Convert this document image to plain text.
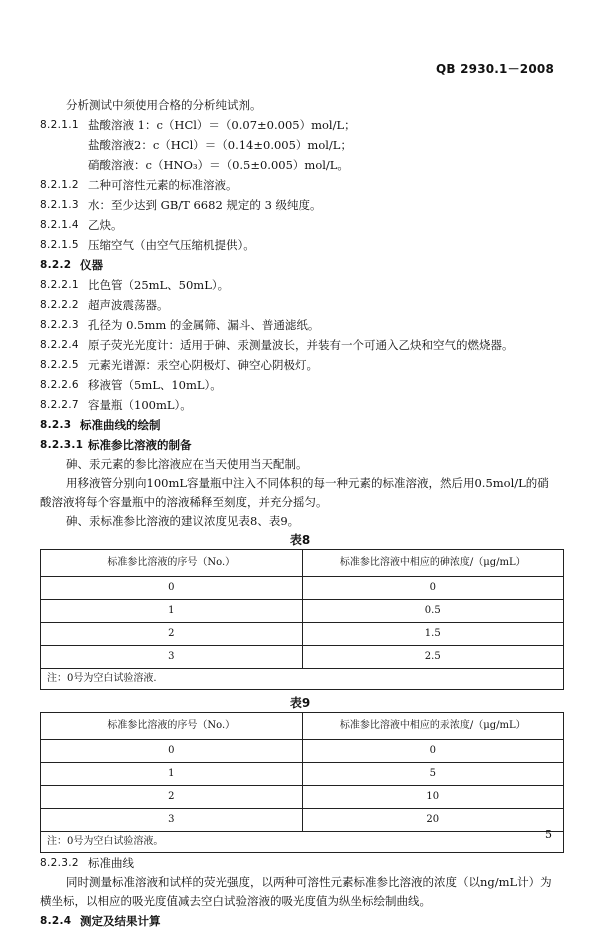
QB 2930.1－2008
分析测试中须使用合格的分析纯试剂。
8.2.1.1 盐酸溶液 1：c（HCl）＝（0.07±0.005）mol/L；
盐酸溶液2：c（HCl）＝（0.14±0.005）mol/L；
硝酸溶液：c（HNO₃）＝（0.5±0.005）mol/L。
8.2.1.2 二种可溶性元素的标准溶液。
8.2.1.3 水：至少达到 GB/T 6682 规定的 3 级纯度。
8.2.1.4 乙炔。
8.2.1.5 压缩空气（由空气压缩机提供）。
8.2.2 仪器
8.2.2.1 比色管（25mL、50mL）。
8.2.2.2 超声波震荡器。
8.2.2.3 孔径为 0.5mm 的金属筛、漏斗、普通滤纸。
8.2.2.4 原子荧光光度计：适用于砷、汞测量波长，并装有一个可通入乙炔和空气的燃烧器。
8.2.2.5 元素光谱源：汞空心阴极灯、砷空心阴极灯。
8.2.2.6 移液管（5mL、10mL）。
8.2.2.7 容量瓶（100mL）。
8.2.3 标准曲线的绘制
8.2.3.1 标准参比溶液的制备

砷、汞元素的参比溶液应在当天使用当天配制。

用移液管分别向100mL容量瓶中注入不同体积的每一种元素的标准溶液，然后用0.5mol/L的硝酸溶液将每个容量瓶中的溶液稀释至刻度，并充分摇匀。

砷、汞标准参比溶液的建议浓度见表8、表9。

表8
标准参比溶液的序号（No.）	标准参比溶液中相应的砷浓度/（μg/mL）
0	0
1	0.5
2	1.5
3	2.5
注：0号为空白试验溶液.	
表9
标准参比溶液的序号（No.）	标准参比溶液中相应的汞浓度/（μg/mL）
0	0
1	5
2	10
3	20
注：0号为空白试验溶液。	
8.2.3.2 标准曲线

同时测量标准溶液和试样的荧光强度，以两种可溶性元素标准参比溶液的浓度（以ng/mL计）为横坐标，以相应的吸光度值减去空白试验溶液的吸光度值为纵坐标绘制曲线。

8.2.4 测定及结果计算
5
